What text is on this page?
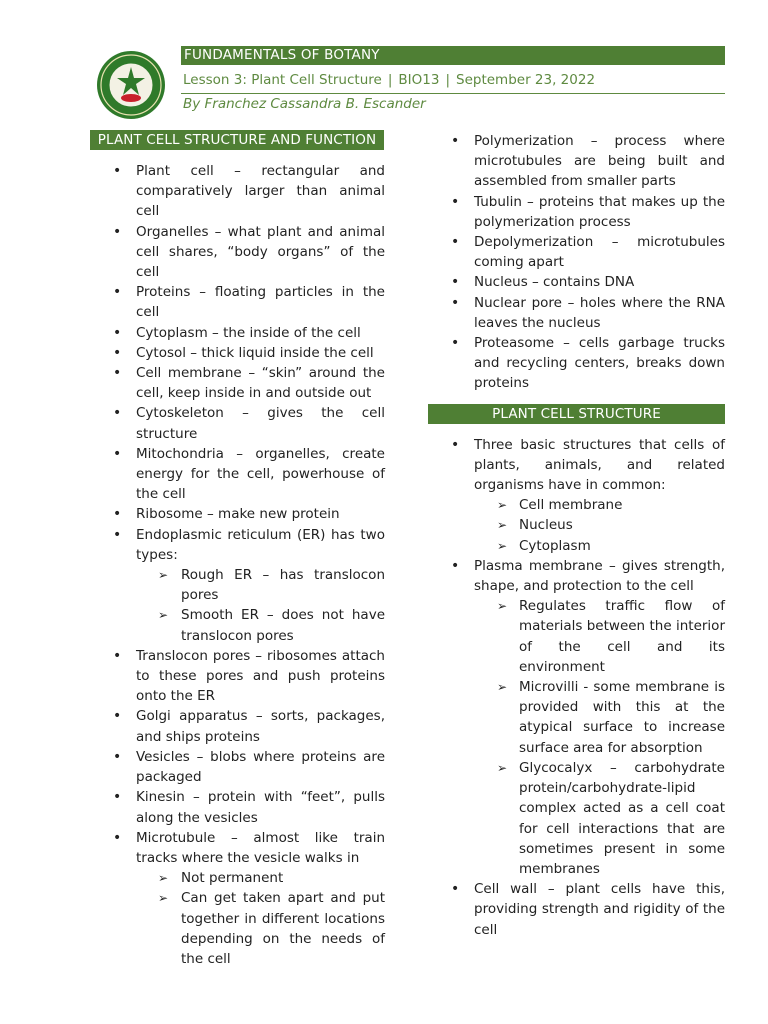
FUNDAMENTALS OF BOTANY
Lesson 3: Plant Cell Structure | BIO13 | September 23, 2022
By Franchez Cassandra B. Escander
PLANT CELL STRUCTURE AND FUNCTION
• Plant cell – rectangular and comparatively larger than animal cell
• Organelles – what plant and animal cell shares, “body organs” of the cell
• Proteins – floating particles in the cell
• Cytoplasm – the inside of the cell
• Cytosol – thick liquid inside the cell
• Cell membrane – “skin” around the cell, keep inside in and outside out
• Cytoskeleton – gives the cell structure
• Mitochondria – organelles, create energy for the cell, powerhouse of the cell
• Ribosome – make new protein
• Endoplasmic reticulum (ER) has two types:
➢ Rough ER – has translocon pores
➢ Smooth ER – does not have translocon pores
• Translocon pores – ribosomes attach to these pores and push proteins onto the ER
• Golgi apparatus – sorts, packages, and ships proteins
• Vesicles – blobs where proteins are packaged
• Kinesin – protein with “feet”, pulls along the vesicles
• Microtubule – almost like train tracks where the vesicle walks in
➢ Not permanent
➢ Can get taken apart and put together in different locations depending on the needs of the cell
• Polymerization – process where microtubules are being built and assembled from smaller parts
• Tubulin – proteins that makes up the polymerization process
• Depolymerization – microtubules coming apart
• Nucleus – contains DNA
• Nuclear pore – holes where the RNA leaves the nucleus
• Proteasome – cells garbage trucks and recycling centers, breaks down proteins
PLANT CELL STRUCTURE
• Three basic structures that cells of plants, animals, and related organisms have in common:
➢ Cell membrane
➢ Nucleus
➢ Cytoplasm
• Plasma membrane – gives strength, shape, and protection to the cell
➢ Regulates traffic flow of materials between the interior of the cell and its environment
➢ Microvilli - some membrane is provided with this at the atypical surface to increase surface area for absorption
➢ Glycocalyx – carbohydrate protein/carbohydrate-lipid complex acted as a cell coat for cell interactions that are sometimes present in some membranes
• Cell wall – plant cells have this, providing strength and rigidity of the cell
